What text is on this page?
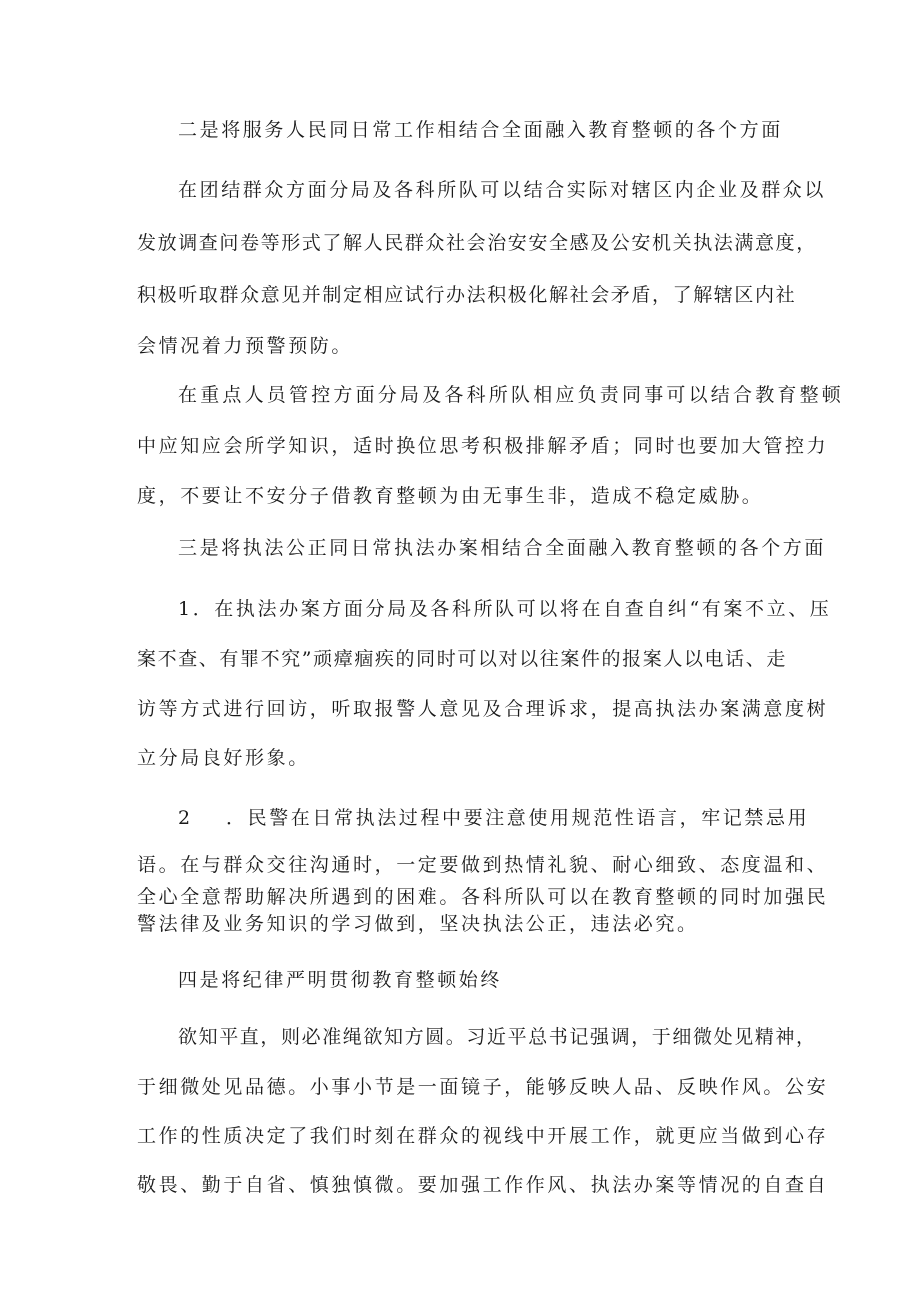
二是将服务人民同日常工作相结合全面融入教育整顿的各个方面
在团结群众方面分局及各科所队可以结合实际对辖区内企业及群众以
发放调查问卷等形式了解人民群众社会治安安全感及公安机关执法满意度，
积极听取群众意见并制定相应试行办法积极化解社会矛盾，了解辖区内社
会情况着力预警预防。
在重点人员管控方面分局及各科所队相应负责同事可以结合教育整顿
中应知应会所学知识，适时换位思考积极排解矛盾；同时也要加大管控力
度，不要让不安分子借教育整顿为由无事生非，造成不稳定威胁。
三是将执法公正同日常执法办案相结合全面融入教育整顿的各个方面
1．在执法办案方面分局及各科所队可以将在自查自纠“有案不立、压
案不查、有罪不究”顽瘴痼疾的同时可以对以往案件的报案人以电话、走
访等方式进行回访，听取报警人意见及合理诉求，提高执法办案满意度树
立分局良好形象。
2 ．民警在日常执法过程中要注意使用规范性语言，牢记禁忌用
语。在与群众交往沟通时，一定要做到热情礼貌、耐心细致、态度温和、
全心全意帮助解决所遇到的困难。各科所队可以在教育整顿的同时加强民
警法律及业务知识的学习做到，坚决执法公正，违法必究。
四是将纪律严明贯彻教育整顿始终
欲知平直，则必准绳欲知方圆。习近平总书记强调，于细微处见精神，
于细微处见品德。小事小节是一面镜子，能够反映人品、反映作风。公安
工作的性质决定了我们时刻在群众的视线中开展工作，就更应当做到心存
敬畏、勤于自省、慎独慎微。要加强工作作风、执法办案等情况的自查自
